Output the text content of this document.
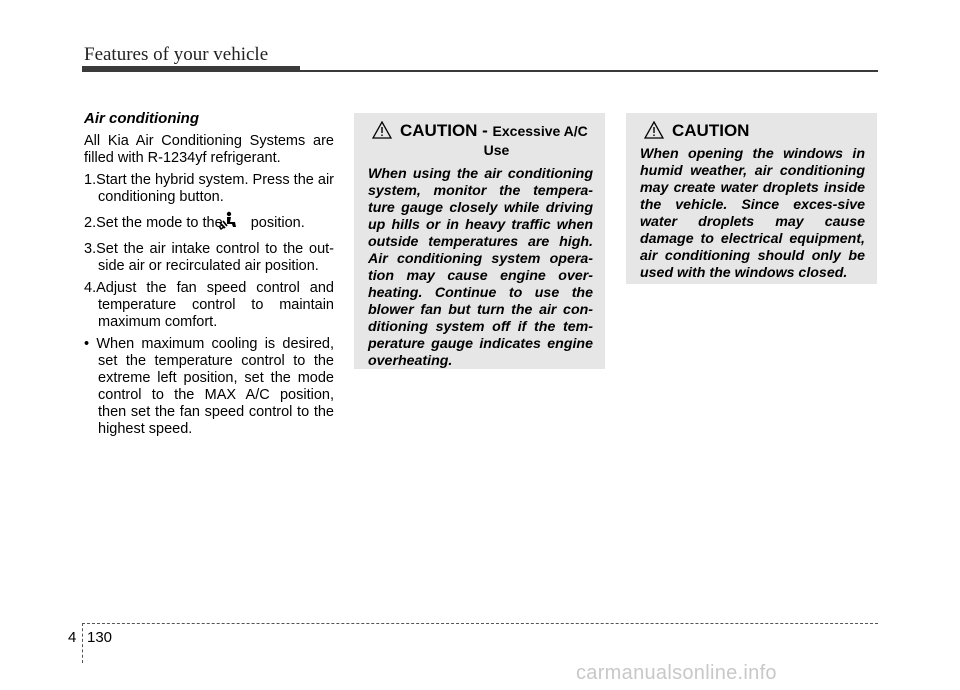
Features of your vehicle

Air conditioning

All Kia Air Conditioning Systems are filled with R-1234yf refrigerant.

1.Start the hybrid system. Press the air conditioning button.

2.Set the mode to the position.

3.Set the air intake control to the out-side air or recirculated air position.

4.Adjust the fan speed control and temperature control to maintain maximum comfort.

• When maximum cooling is desired, set the temperature control to the extreme left position, set the mode control to the MAX A/C position, then set the fan speed control to the highest speed.

CAUTION - Excessive A/C
Use
When using the air conditioning system, monitor the tempera-ture gauge closely while driving up hills or in heavy traffic when outside temperatures are high. Air conditioning system opera-tion may cause engine over-heating. Continue to use the blower fan but turn the air con-ditioning system off if the tem-perature gauge indicates engine overheating.
CAUTION
When opening the windows in humid weather, air conditioning may create water droplets inside the vehicle. Since exces-sive water droplets may cause damage to electrical equipment, air conditioning should only be used with the windows closed.
4 130
carmanualsonline.info
